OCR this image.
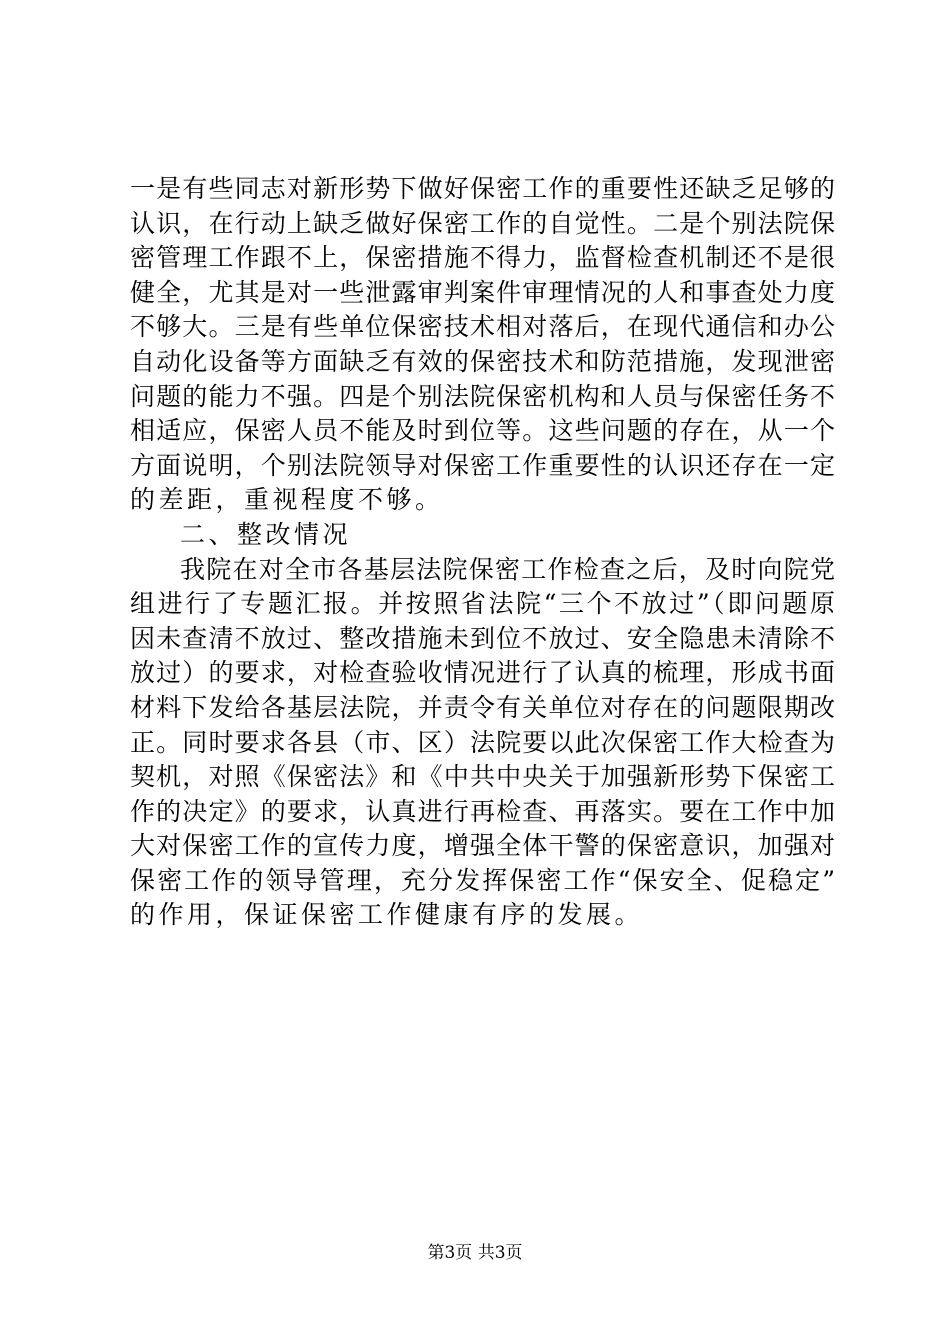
一是有些同志对新形势下做好保密工作的重要性还缺乏足够的
认识，在行动上缺乏做好保密工作的自觉性。二是个别法院保
密管理工作跟不上，保密措施不得力，监督检查机制还不是很
健全，尤其是对一些泄露审判案件审理情况的人和事查处力度
不够大。三是有些单位保密技术相对落后，在现代通信和办公
自动化设备等方面缺乏有效的保密技术和防范措施，发现泄密
问题的能力不强。四是个别法院保密机构和人员与保密任务不
相适应，保密人员不能及时到位等。这些问题的存在，从一个
方面说明，个别法院领导对保密工作重要性的认识还存在一定
的差距，重视程度不够。
二、整改情况
我院在对全市各基层法院保密工作检查之后，及时向院党
组进行了专题汇报。并按照省法院“三个不放过”（即问题原
因未查清不放过、整改措施未到位不放过、安全隐患未清除不
放过）的要求，对检查验收情况进行了认真的梳理，形成书面
材料下发给各基层法院，并责令有关单位对存在的问题限期改
正。同时要求各县（市、区）法院要以此次保密工作大检查为
契机，对照《保密法》和《中共中央关于加强新形势下保密工
作的决定》的要求，认真进行再检查、再落实。要在工作中加
大对保密工作的宣传力度，增强全体干警的保密意识，加强对
保密工作的领导管理，充分发挥保密工作“保安全、促稳定”
的作用，保证保密工作健康有序的发展。
第3页 共3页
